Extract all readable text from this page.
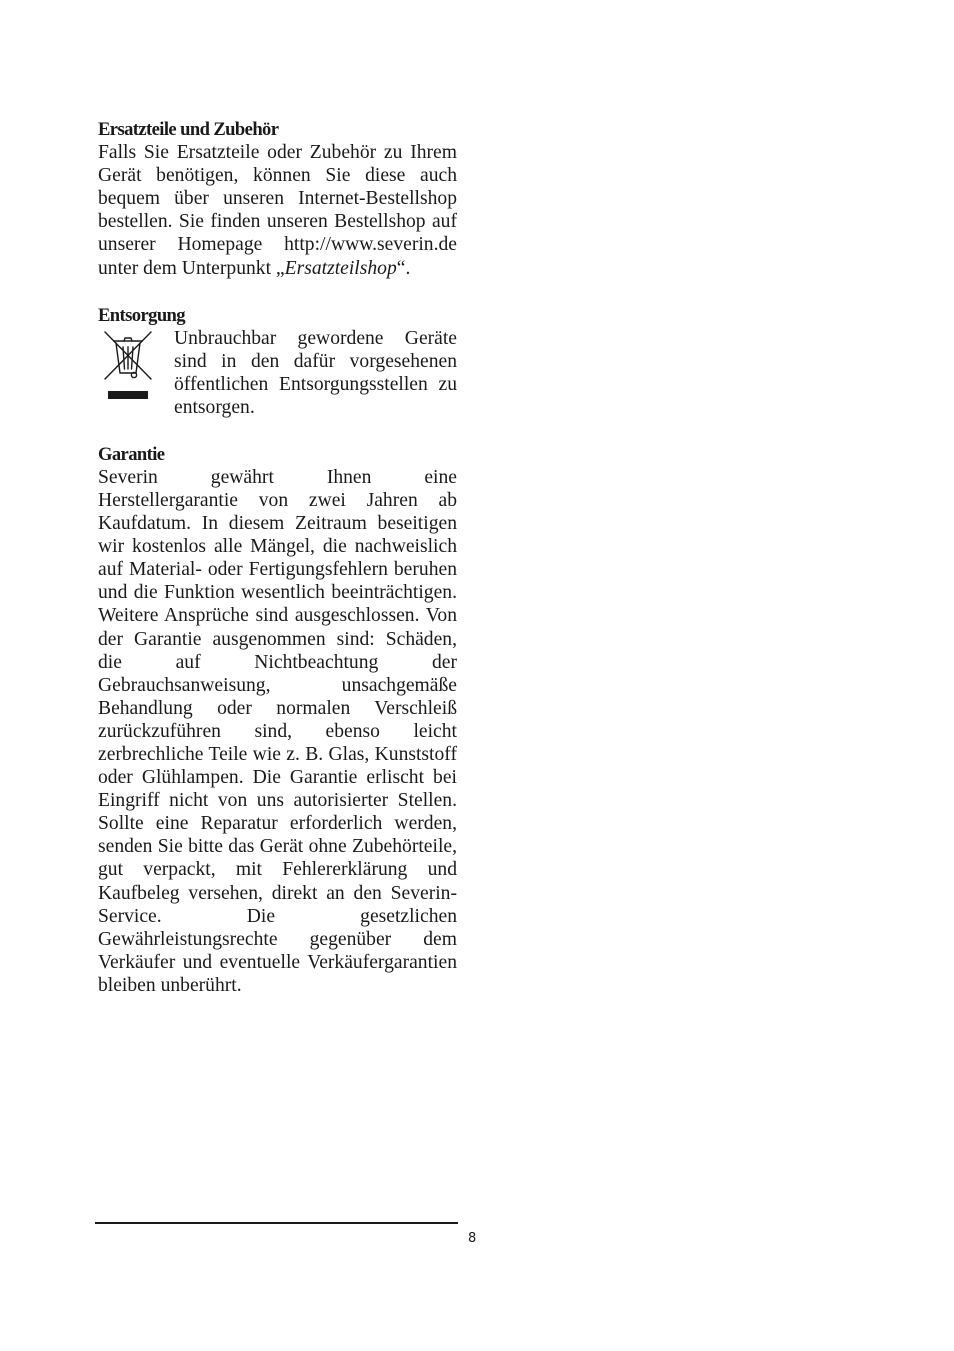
Ersatzteile und Zubehör

Falls Sie Ersatzteile oder Zubehör zu Ihrem Gerät benötigen, können Sie diese auch bequem über unseren Internet-Bestellshop bestellen. Sie finden unseren Bestellshop auf unserer Homepage http://www.severin.de unter dem Unterpunkt „Ersatzteilshop“.

Entsorgung

Unbrauchbar gewordene Geräte sind in den dafür vorgesehenen öffentlichen Entsorgungsstellen zu entsorgen.

Garantie

Severin gewährt Ihnen eine Herstellergarantie von zwei Jahren ab Kaufdatum. In diesem Zeitraum beseitigen wir kostenlos alle Mängel, die nachweislich auf Material- oder Fertigungsfehlern beruhen und die Funktion wesentlich beeinträchtigen. Weitere Ansprüche sind ausgeschlossen. Von der Garantie ausgenommen sind: Schäden, die auf Nichtbeachtung der Gebrauchsanweisung, unsachgemäße Behandlung oder normalen Verschleiß zurückzuführen sind, ebenso leicht zerbrechliche Teile wie z. B. Glas, Kunststoff oder Glühlampen. Die Garantie erlischt bei Eingriff nicht von uns autorisierter Stellen. Sollte eine Reparatur erforderlich werden, senden Sie bitte das Gerät ohne Zubehörteile, gut verpackt, mit Fehlererklärung und Kaufbeleg versehen, direkt an den Severin-Service. Die gesetzlichen Gewährleistungsrechte gegenüber dem Verkäufer und eventuelle Verkäufergarantien bleiben unberührt.

8
